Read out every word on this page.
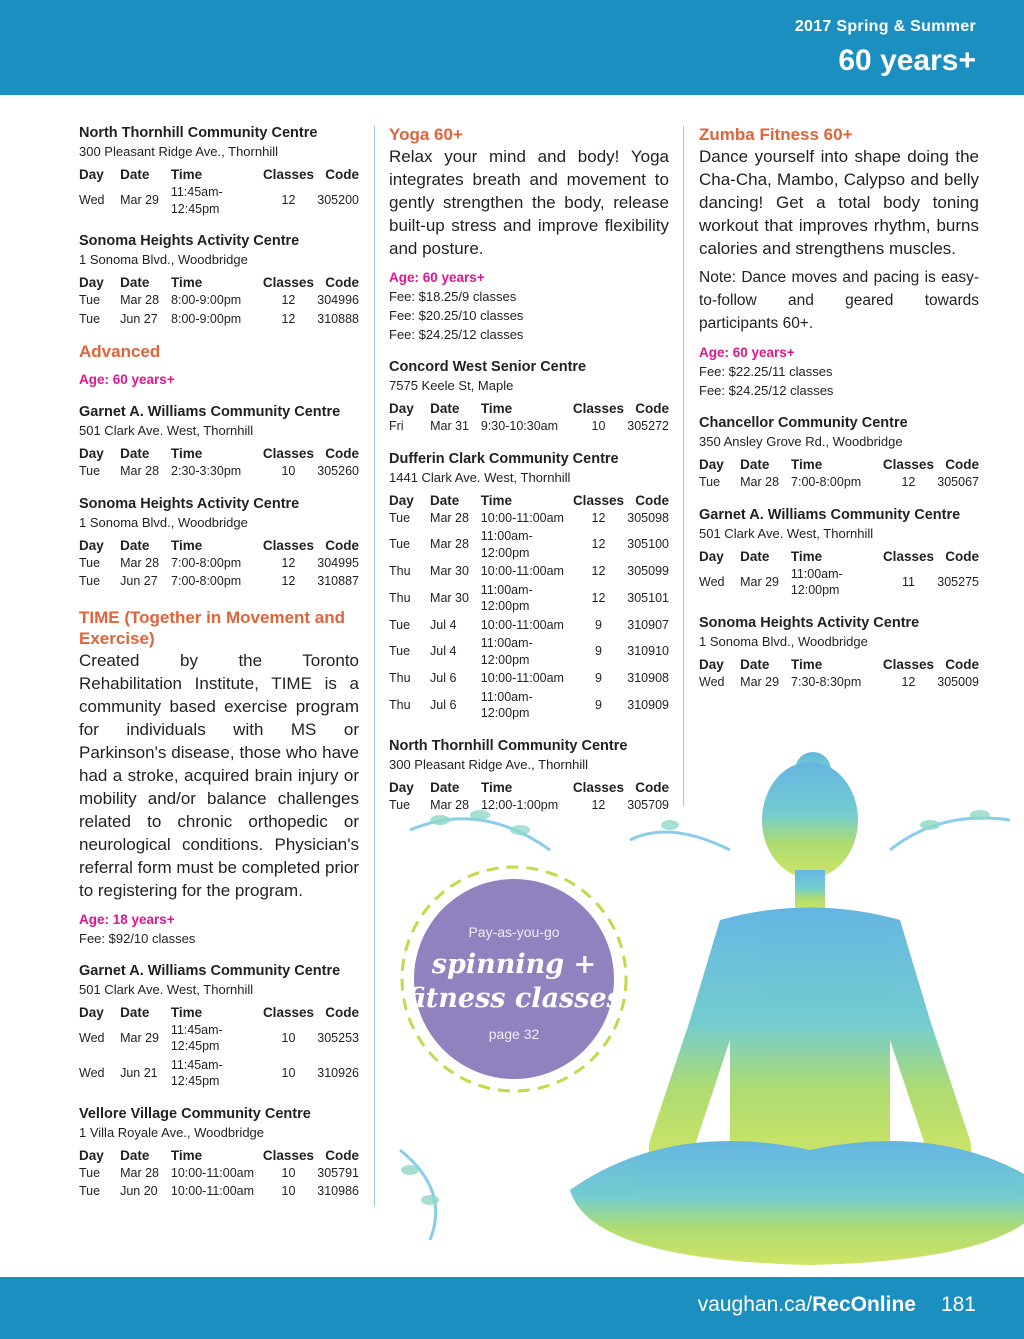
2017 Spring & Summer
60 years+
North Thornhill Community Centre
300 Pleasant Ridge Ave., Thornhill
Day	Date	Time	Classes	Code
Wed	Mar 29	11:45am-12:45pm	12	305200
Sonoma Heights Activity Centre
1 Sonoma Blvd., Woodbridge
Day	Date	Time	Classes	Code
Tue	Mar 28	8:00-9:00pm	12	304996
Tue	Jun 27	8:00-9:00pm	12	310888
Advanced
Age: 60 years+
Garnet A. Williams Community Centre
501 Clark Ave. West, Thornhill
Day	Date	Time	Classes	Code
Tue	Mar 28	2:30-3:30pm	10	305260
Sonoma Heights Activity Centre
1 Sonoma Blvd., Woodbridge
Day	Date	Time	Classes	Code
Tue	Mar 28	7:00-8:00pm	12	304995
Tue	Jun 27	7:00-8:00pm	12	310887
TIME (Together in Movement and Exercise)
Created by the Toronto Rehabilitation Institute, TIME is a community based exercise program for individuals with MS or Parkinson's disease, those who have had a stroke, acquired brain injury or mobility and/or balance challenges related to chronic orthopedic or neurological conditions. Physician's referral form must be completed prior to registering for the program.
Age: 18 years+
Fee: $92/10 classes
Garnet A. Williams Community Centre
501 Clark Ave. West, Thornhill
Day	Date	Time	Classes	Code
Wed	Mar 29	11:45am-12:45pm	10	305253
Wed	Jun 21	11:45am-12:45pm	10	310926
Vellore Village Community Centre
1 Villa Royale Ave., Woodbridge
Day	Date	Time	Classes	Code
Tue	Mar 28	10:00-11:00am	10	305791
Tue	Jun 20	10:00-11:00am	10	310986
Yoga 60+
Relax your mind and body! Yoga integrates breath and movement to gently strengthen the body, release built-up stress and improve flexibility and posture.
Age: 60 years+
Fee: $18.25/9 classes
Fee: $20.25/10 classes
Fee: $24.25/12 classes
Concord West Senior Centre
7575 Keele St, Maple
Day	Date	Time	Classes	Code
Fri	Mar 31	9:30-10:30am	10	305272
Dufferin Clark Community Centre
1441 Clark Ave. West, Thornhill
Day	Date	Time	Classes	Code
Tue	Mar 28	10:00-11:00am	12	305098
Tue	Mar 28	11:00am-12:00pm	12	305100
Thu	Mar 30	10:00-11:00am	12	305099
Thu	Mar 30	11:00am-12:00pm	12	305101
Tue	Jul 4	10:00-11:00am	9	310907
Tue	Jul 4	11:00am-12:00pm	9	310910
Thu	Jul 6	10:00-11:00am	9	310908
Thu	Jul 6	11:00am-12:00pm	9	310909
North Thornhill Community Centre
300 Pleasant Ridge Ave., Thornhill
Day	Date	Time	Classes	Code
Tue	Mar 28	12:00-1:00pm	12	305709
Zumba Fitness 60+
Dance yourself into shape doing the Cha-Cha, Mambo, Calypso and belly dancing! Get a total body toning workout that improves rhythm, burns calories and strengthens muscles.
Note: Dance moves and pacing is easy-to-follow and geared towards participants 60+.
Age: 60 years+
Fee: $22.25/11 classes
Fee: $24.25/12 classes
Chancellor Community Centre
350 Ansley Grove Rd., Woodbridge
Day	Date	Time	Classes	Code
Tue	Mar 28	7:00-8:00pm	12	305067
Garnet A. Williams Community Centre
501 Clark Ave. West, Thornhill
Day	Date	Time	Classes	Code
Wed	Mar 29	11:00am-12:00pm	11	305275
Sonoma Heights Activity Centre
1 Sonoma Blvd., Woodbridge
Day	Date	Time	Classes	Code
Wed	Mar 29	7:30-8:30pm	12	305009
Pay-as-you-go
spinning +
fitness classes
page 32
vaughan.ca/RecOnline 181
